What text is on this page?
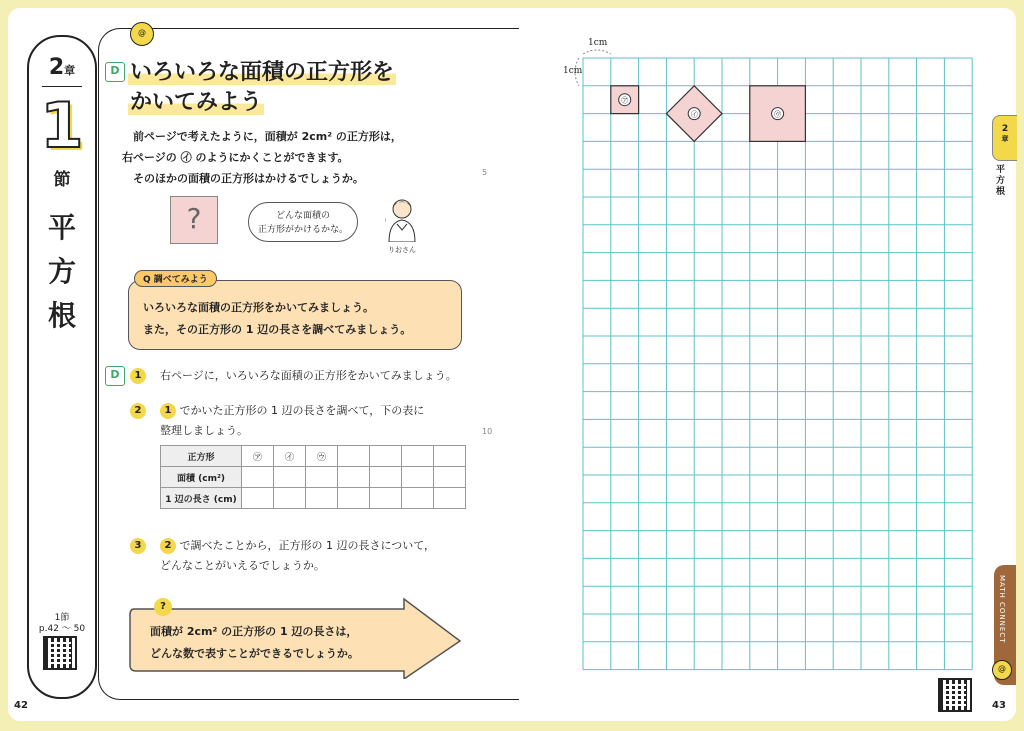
2章
1
節
平
方
根
1節
p.42 ～ 50
42
@
D いろいろな面積の正方形を
かいてみよう

前ページで考えたように，面積が 2cm² の正方形は，

右ページの ㋑ のようにかくことができます。

そのほかの面積の正方形はかけるでしょうか。	5
?	どんな面積の
正方形がかけるかな。
りおさん

いろいろな面積の正方形をかいてみましょう。

また，その正方形の 1 辺の長さを調べてみましょう。

Q 調べてみよう
D	1	右ページに，いろいろな面積の正方形をかいてみましょう。
2	1 でかいた正方形の 1 辺の長さを調べて，下の表に
整理しましょう。	10
正方形	㋐	㋑	㋒				
面積 (cm²)							
1 辺の長さ (cm)							
3	2 で調べたことから，正方形の 1 辺の長さについて，
どんなことがいえるでしょうか。
?
面積が 2cm² の正方形の 1 辺の長さは，
どんな数で表すことができるでしょうか。
㋐
㋑	㋒
1cm
1cm
2
章
平方根
MATH CONNECT
@
43
